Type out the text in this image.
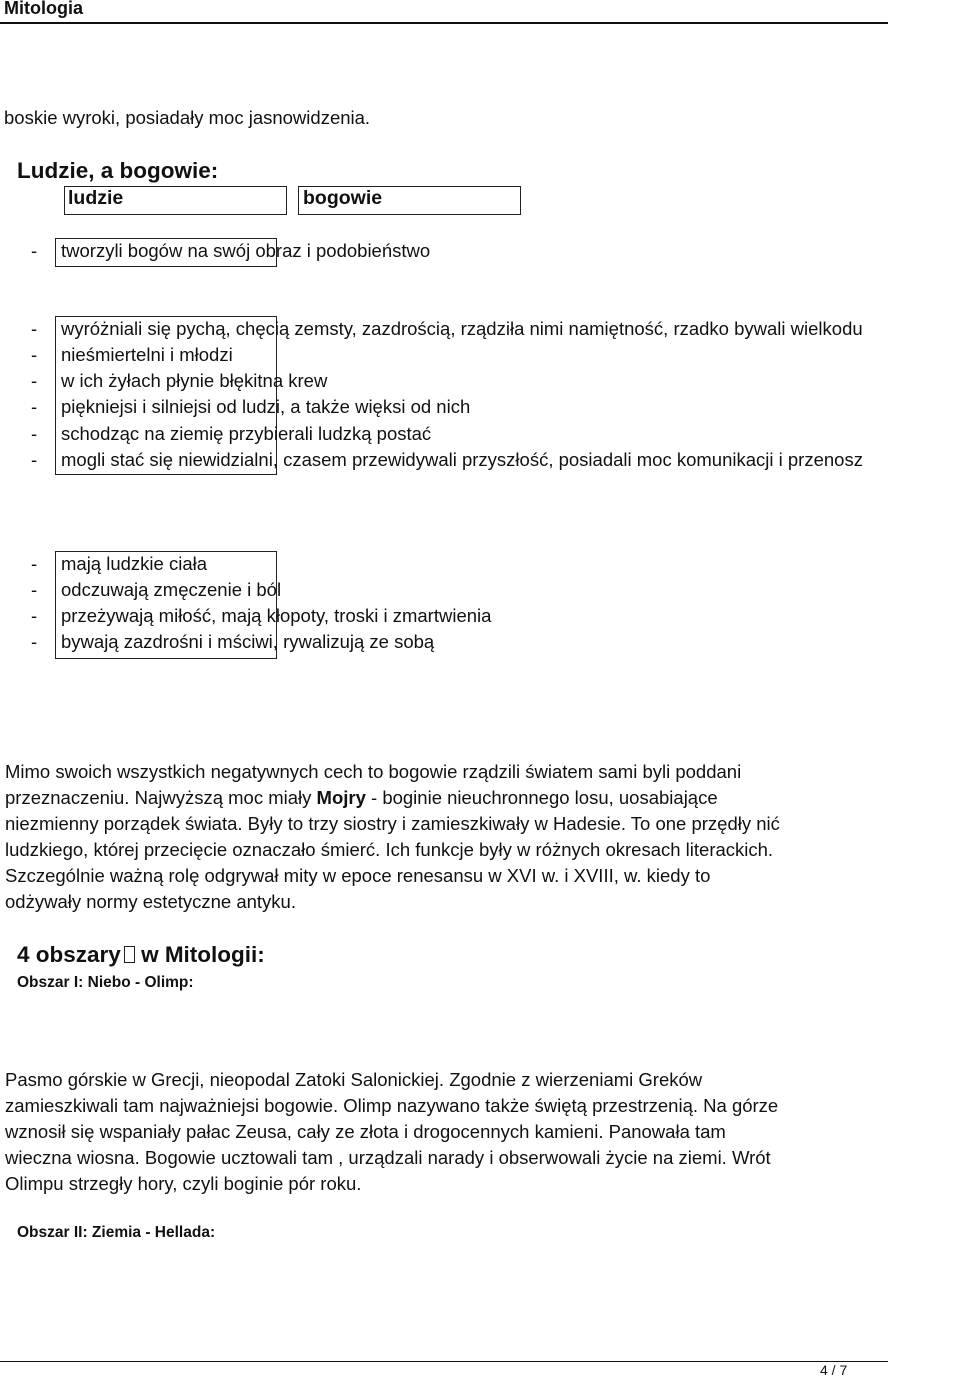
Mitologia
boskie wyroki, posiadały moc jasnowidzenia.
Ludzie, a bogowie:
ludzie	bogowie
- tworzyli bogów na swój obraz i podobieństwo
- wyróżniali się pychą, chęcią zemsty, zazdrością, rządziła nimi namiętność, rzadko bywali wielkodu
- nieśmiertelni i młodzi
- w ich żyłach płynie błękitna krew
- piękniejsi i silniejsi od ludzi, a także więksi od nich
- schodząc na ziemię przybierali ludzką postać
- mogli stać się niewidzialni, czasem przewidywali przyszłość, posiadali moc komunikacji i przenosz
- mają ludzkie ciała
- odczuwają zmęczenie i ból
- przeżywają miłość, mają kłopoty, troski i zmartwienia
- bywają zazdrośni i mściwi, rywalizują ze sobą
Mimo swoich wszystkich negatywnych cech to bogowie rządzili światem sami byli poddani
przeznaczeniu. Najwyższą moc miały Mojry - boginie nieuchronnego losu, uosabiające
niezmienny porządek świata. Były to trzy siostry i zamieszkiwały w Hadesie. To one przędły nić
ludzkiego, której przecięcie oznaczało śmierć. Ich funkcje były w różnych okresach literackich.
Szczególnie ważną rolę odgrywał mity w epoce renesansu w XVI w. i XVIII, w. kiedy to
odżywały normy estetyczne antyku.
4 obszary w Mitologii:
Obszar I: Niebo - Olimp:
Pasmo górskie w Grecji, nieopodal Zatoki Salonickiej. Zgodnie z wierzeniami Greków
zamieszkiwali tam najważniejsi bogowie. Olimp nazywano także świętą przestrzenią. Na górze
wznosił się wspaniały pałac Zeusa, cały ze złota i drogocennych kamieni. Panowała tam
wieczna wiosna. Bogowie ucztowali tam , urządzali narady i obserwowali życie na ziemi. Wrót
Olimpu strzegły hory, czyli boginie pór roku.
Obszar II: Ziemia - Hellada:
4 / 7
